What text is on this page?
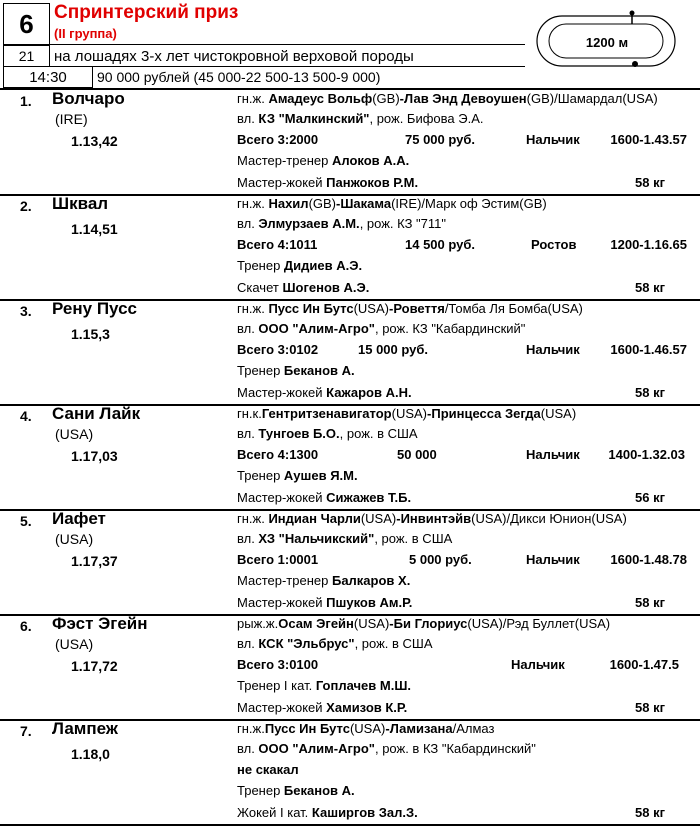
6	Спринтерский приз
(II группа)
21	на лошадях 3-х лет чистокровной верховой породы
14:30	90 000 рублей (45 000-22 500-13 500-9 000)
1200 м
1. Волчаро
(IRE)
1.13,42
гн.ж. Амадеус Вольф(GB)-Лав Энд Девоушен(GB)/Шамардал(USA)
вл. КЗ "Малкинский", рож. Бифова Э.А.
Всего 3:2000	75 000 руб.	Нальчик 1600-1.43.57
Мастер-тренер Алоков А.А.
Мастер-жокей Панжоков Р.М.	58 кг
2. Шквал
1.14,51
гн.ж. Нахил(GB)-Шакама(IRE)/Марк оф Эстим(GB)
вл. Элмурзаев А.М., рож. КЗ "711"
Всего 4:1011	14 500 руб.	Ростов	1200-1.16.65
Тренер Дидиев А.Э.
Скачет Шогенов А.Э.	58 кг
3. Рену Пусс
1.15,3
гн.ж. Пусс Ин Бутс(USA)-Ровеття/Томба Ля Бомба(USA)
вл. ООО "Алим-Агро", рож. КЗ "Кабардинский"
Всего 3:0102	15 000 руб.	Нальчик 1600-1.46.57
Тренер Беканов А.
Мастер-жокей Кажаров А.Н.	58 кг
4. Сани Лайк
(USA)
1.17,03
гн.к.Гентритзенавигатор(USA)-Принцесса Зегда(USA)
вл. Тунгоев Б.О., рож. в США
Всего 4:1300	50 000	Нальчик 1400-1.32.03
Тренер Аушев Я.М.
Мастер-жокей Сижажев Т.Б.	56 кг
5. Иафет
(USA)
1.17,37
гн.ж. Индиан Чарли(USA)-Инвинтэйв(USA)/Дикси Юнион(USA)
вл. ХЗ "Нальчикский", рож. в США
Всего 1:0001	5 000 руб.	Нальчик 1600-1.48.78
Мастер-тренер Балкаров Х.
Мастер-жокей Пшуков Ам.Р.	58 кг
6. Фэст Эгейн
(USA)
1.17,72
рыж.ж.Осам Эгейн(USA)-Би Глориус(USA)/Рэд Буллет(USA)
вл. КСК "Эльбрус", рож. в США
Всего 3:0100	Нальчик	1600-1.47.5
Тренер I кат. Гоплачев М.Ш.
Мастер-жокей Хамизов К.Р.	58 кг
7. Лампеж
1.18,0
гн.ж.Пусс Ин Бутс(USA)-Ламизана/Алмаз
вл. ООО "Алим-Агро", рож. в КЗ "Кабардинский"
не скакал
Тренер Беканов А.
Жокей I кат. Каширгов Зал.З.	58 кг
